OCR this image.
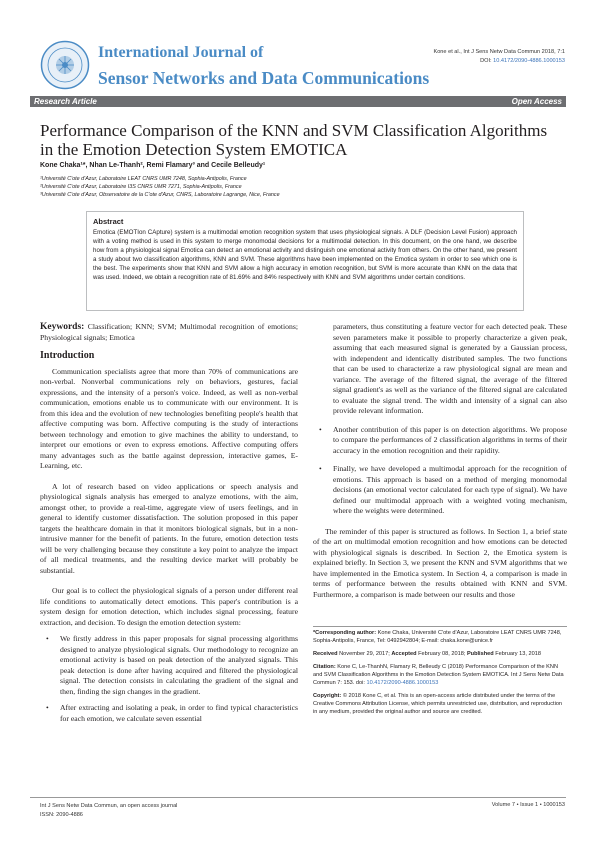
International Journal of
Sensor Networks and Data Communications
Kone et al., Int J Sens Netw Data Commun 2018, 7:1
DOI: 10.4172/2090-4886.1000153
Research Article	Open Access
Performance Comparison of the KNN and SVM Classification Algorithms in the Emotion Detection System EMOTICA
Kone Chaka¹*, Nhan Le-Thanh², Remi Flamary³ and Cecile Belleudy¹
¹Université C'ote d'Azur, Laboratoire LEAT CNRS UMR 7248, Sophia-Antipolis, France
²Université C'ote d'Azur, Laboratoire I3S CNRS UMR 7271, Sophia-Antipolis, France
³Université C'ote d'Azur, Observatoire de la C'ote d'Azur, CNRS, Laboratoire Lagrange, Nice, France
Abstract

Emotica (EMOTIon CApture) system is a multimodal emotion recognition system that uses physiological signals. A DLF (Decision Level Fusion) approach with a voting method is used in this system to merge monomodal decisions for a multimodal detection. In this document, on the one hand, we describe how from a physiological signal Emotica can detect an emotional activity and distinguish one emotional activity from others. On the other hand, we present a study about two classification algorithms, KNN and SVM. These algorithms have been implemented on the Emotica system in order to see which one is the best. The experiments show that KNN and SVM allow a high accuracy in emotion recognition, but SVM is more accurate than KNN on the data that was used. Indeed, we obtain a recognition rate of 81.69% and 84% respectively with KNN and SVM algorithms under certain conditions.

Keywords: Classification; KNN; SVM; Multimodal recognition of emotions; Physiological signals; Emotica

Introduction

Communication specialists agree that more than 70% of communications are non-verbal. Nonverbal communications rely on behaviors, gestures, facial expressions, and the intensity of a person's voice. Indeed, as well as non-verbal communication, emotions enable us to communicate with our environment. It is from this idea and the evolution of new technologies benefiting people's health that affective computing was born. Affective computing is the study of interactions between technology and emotion to give machines the ability to understand, to interpret our emotions or even to express emotions. Affective computing offers many advantages such as the battle against depression, interactive games, E-Learning, etc.

A lot of research based on video applications or speech analysis and physiological signals analysis has emerged to analyze emotions, with the aim, amongst other, to provide a real-time, aggregate view of users feelings, and in general to identify customer dissatisfaction. The solution proposed in this paper targets the healthcare domain in that it monitors biological signals, but in a non-intrusive manner for the benefit of patients. In the future, emotion detection tests will be very challenging because they constitute a key point to analyze the impact of all medical treatments, and the resulting device market will probably be substantial.

Our goal is to collect the physiological signals of a person under different real life conditions to automatically detect emotions. This paper's contribution is a system design for emotion detection, which includes signal processing, feature extraction, and decision. To design the emotion detection system:

• We firstly address in this paper proposals for signal processing algorithms designed to analyze physiological signals. Our methodology to recognize an emotional activity is based on peak detection of the analyzed signals. This peak detection is done after having acquired and filtered the physiological signal. The detection consists in calculating the gradient of the signal and then, finding the sign changes in the gradient.
• After extracting and isolating a peak, in order to find typical characteristics for each emotion, we calculate seven essential

parameters, thus constituting a feature vector for each detected peak. These seven parameters make it possible to properly characterize a given peak, assuming that each measured signal is generated by a Gaussian process, with independent and identically distributed samples. The two functions that can be used to characterize a raw physiological signal are mean and variance. The average of the filtered signal, the average of the filtered signal gradient's as well as the variance of the filtered signal are calculated to evaluate the signal trend. The width and intensity of a signal can also provide relevant information.

• Another contribution of this paper is on detection algorithms. We propose to compare the performances of 2 classification algorithms in terms of their accuracy in the emotion recognition and their rapidity.
• Finally, we have developed a multimodal approach for the recognition of emotions. This approach is based on a method of merging monomodal decisions (an emotional vector calculated for each type of signal). We have defined our multimodal approach with a weighted voting mechanism, where the weights were determined.

The reminder of this paper is structured as follows. In Section 1, a brief state of the art on multimodal emotion recognition and how emotions can be detected with physiological signals is described. In Section 2, the Emotica system is explained briefly. In Section 3, we present the KNN and SVM algorithms that we have implemented in the Emotica system. In Section 4, a comparison is made in terms of performance between the results obtained with KNN and SVM. Furthermore, a comparison is made between our results and those

*Corresponding author: Kone Chaka, Université C'ote d'Azur, Laboratoire LEAT CNRS UMR 7248, Sophia-Antipolis, France, Tel: 0492942804; E-mail: chaka.kone@unice.fr

Received November 29, 2017; Accepted February 08, 2018; Published February 13, 2018

Citation: Kone C, Le-ThanhN, Flamary R, Belleudy C (2018) Performance Comparison of the KNN and SVM Classification Algorithms in the Emotion Detection System EMOTICA. Int J Sens Netw Data Commun 7: 153. doi: 10.4172/2090-4886.1000153

Copyright: © 2018 Kone C, et al. This is an open-access article distributed under the terms of the Creative Commons Attribution License, which permits unrestricted use, distribution, and reproduction in any medium, provided the original author and source are credited.

Int J Sens Netw Data Commun, an open access journal
ISSN: 2090-4886
Volume 7 • Issue 1 • 1000153
